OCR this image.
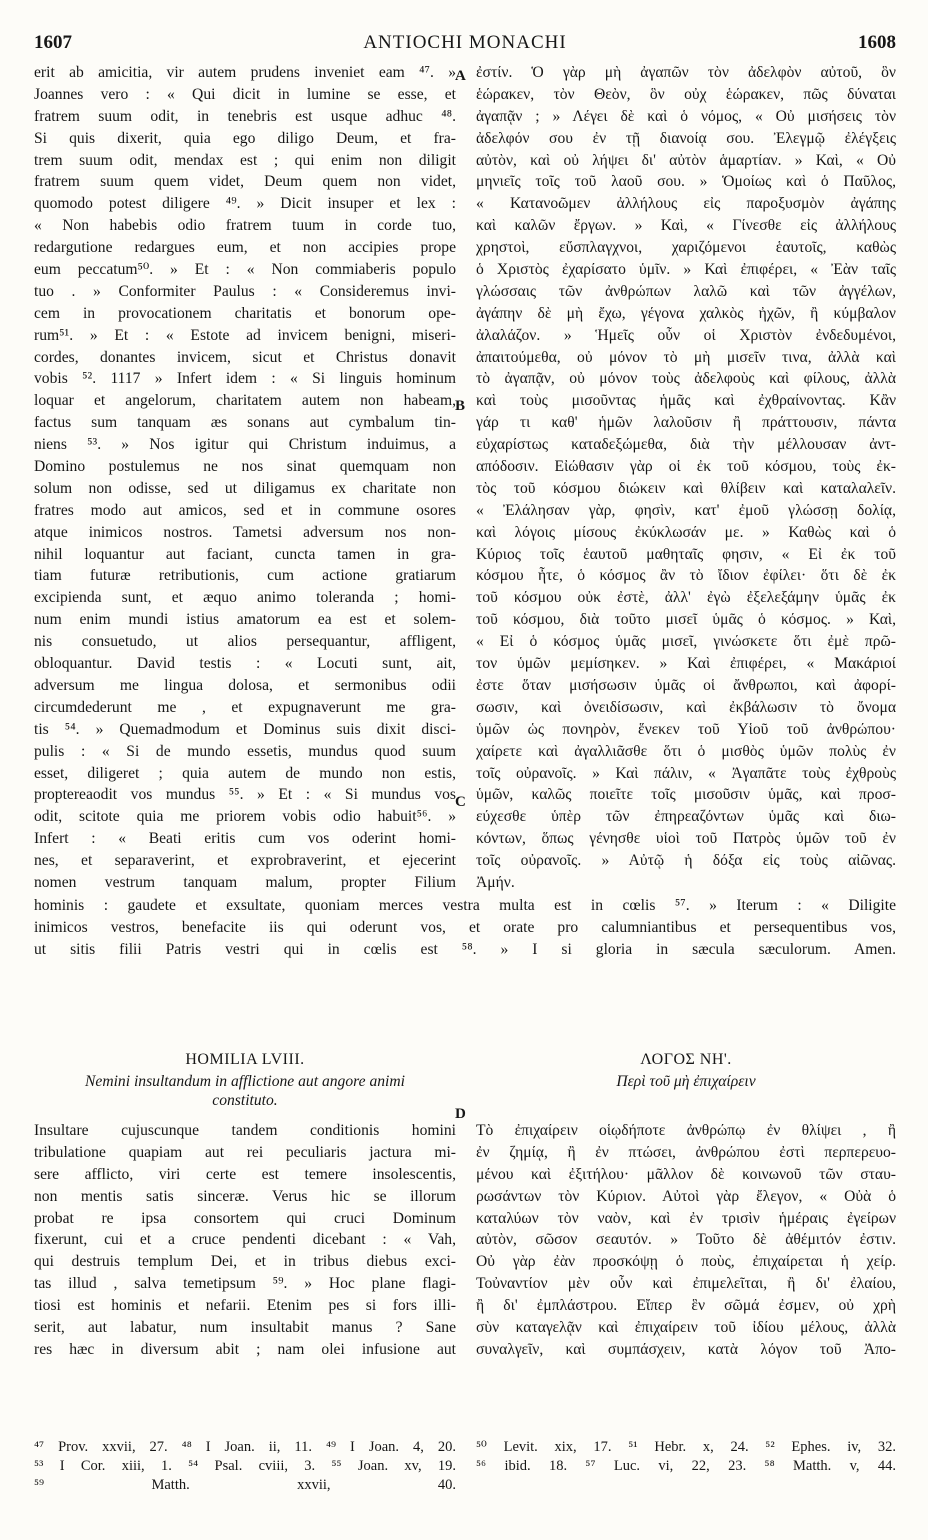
1607	ANTIOCHI MONACHI	1608
erit ab amicitia, vir autem prudens inveniet eam ⁴⁷. »
Joannes vero : « Qui dicit in lumine se esse, et
fratrem suum odit, in tenebris est usque adhuc ⁴⁸.
Si quis dixerit, quia ego diligo Deum, et fra-
trem suum odit, mendax est ; qui enim non diligit
fratrem suum quem videt, Deum quem non videt,
quomodo potest diligere ⁴⁹. » Dicit insuper et lex :
« Non habebis odio fratrem tuum in corde tuo,
redargutione redargues eum, et non accipies prope
eum peccatum⁵⁰. » Et : « Non commiaberis populo
tuo . » Conformiter Paulus : « Consideremus invi-
cem in provocationem charitatis et bonorum ope-
rum⁵¹. » Et : « Estote ad invicem benigni, miseri-
cordes, donantes invicem, sicut et Christus donavit
vobis ⁵². 1117 » Infert idem : « Si linguis hominum
loquar et angelorum, charitatem autem non habeam,
factus sum tanquam æs sonans aut cymbalum tin-
niens ⁵³. » Nos igitur qui Christum induimus, a
Domino postulemus ne nos sinat quemquam non
solum non odisse, sed ut diligamus ex charitate non
fratres modo aut amicos, sed et in commune osores
atque inimicos nostros. Tametsi adversum nos non-
nihil loquantur aut faciant, cuncta tamen in gra-
tiam futuræ retributionis, cum actione gratiarum
excipienda sunt, et æquo animo toleranda ; homi-
num enim mundi istius amatorum ea est et solem-
nis consuetudo, ut alios persequantur, affligent,
obloquantur. David testis : « Locuti sunt, ait,
adversum me lingua dolosa, et sermonibus odii
circumdederunt me , et expugnaverunt me gra-
tis ⁵⁴. » Quemadmodum et Dominus suis dixit disci-
pulis : « Si de mundo essetis, mundus quod suum
esset, diligeret ; quia autem de mundo non estis,
proptereaodit vos mundus ⁵⁵. » Et : « Si mundus vos
odit, scitote quia me priorem vobis odio habuit⁵⁶. »
Infert : « Beati eritis cum vos oderint homi-
nes, et separaverint, et exprobraverint, et ejecerint
nomen vestrum tanquam malum, propter Filium
ἐστίν. Ὁ γὰρ μὴ ἀγαπῶν τὸν ἀδελφὸν αὐτοῦ, ὃν
ἑώρακεν, τὸν Θεὸν, ὃν οὐχ ἑώρακεν, πῶς δύναται
ἀγαπᾷν ; » Λέγει δὲ καὶ ὁ νόμος, « Οὐ μισήσεις τὸν
ἀδελφόν σου ἐν τῇ διανοίᾳ σου. Ἐλεγμῷ ἐλέγξεις
αὐτὸν, καὶ οὐ λήψει δι' αὐτὸν ἁμαρτίαν. » Καὶ, « Οὐ
μηνιεῖς τοῖς τοῦ λαοῦ σου. » Ὁμοίως καὶ ὁ Παῦλος,
« Κατανοῶμεν ἀλλήλους εἰς παροξυσμὸν ἀγάπης
καὶ καλῶν ἔργων. » Καὶ, « Γίνεσθε εἰς ἀλλήλους
χρηστοὶ, εὔσπλαγχνοι, χαριζόμενοι ἑαυτοῖς, καθὼς
ὁ Χριστὸς ἐχαρίσατο ὑμῖν. » Καὶ ἐπιφέρει, « Ἐὰν ταῖς
γλώσσαις τῶν ἀνθρώπων λαλῶ καὶ τῶν ἀγγέλων,
ἀγάπην δὲ μὴ ἔχω, γέγονα χαλκὸς ἠχῶν, ἢ κύμβαλον
ἀλαλάζον. » Ἡμεῖς οὖν οἱ Χριστὸν ἐνδεδυμένοι,
ἀπαιτούμεθα, οὐ μόνον τὸ μὴ μισεῖν τινα, ἀλλὰ καὶ
τὸ ἀγαπᾷν, οὐ μόνον τοὺς ἀδελφοὺς καὶ φίλους, ἀλλὰ
καὶ τοὺς μισοῦντας ἡμᾶς καὶ ἐχθραίνοντας. Κἂν
γάρ τι καθ' ἡμῶν λαλοῦσιν ἢ πράττουσιν, πάντα
εὐχαρίστως καταδεξώμεθα, διὰ τὴν μέλλουσαν ἀντ-
απόδοσιν. Εἰώθασιν γὰρ οἱ ἐκ τοῦ κόσμου, τοὺς ἐκ-
τὸς τοῦ κόσμου διώκειν καὶ θλίβειν καὶ καταλαλεῖν.
« Ἐλάλησαν γὰρ, φησὶν, κατ' ἐμοῦ γλώσσῃ δολίᾳ,
καὶ λόγοις μίσους ἐκύκλωσάν με. » Καθὼς καὶ ὁ
Κύριος τοῖς ἑαυτοῦ μαθηταῖς φησιν, « Εἰ ἐκ τοῦ
κόσμου ἦτε, ὁ κόσμος ἂν τὸ ἴδιον ἐφίλει· ὅτι δὲ ἐκ
τοῦ κόσμου οὐκ ἐστὲ, ἀλλ' ἐγὼ ἐξελεξάμην ὑμᾶς ἐκ
τοῦ κόσμου, διὰ τοῦτο μισεῖ ὑμᾶς ὁ κόσμος. » Καὶ,
« Εἰ ὁ κόσμος ὑμᾶς μισεῖ, γινώσκετε ὅτι ἐμὲ πρῶ-
τον ὑμῶν μεμίσηκεν. » Καὶ ἐπιφέρει, « Μακάριοί
ἐστε ὅταν μισήσωσιν ὑμᾶς οἱ ἄνθρωποι, καὶ ἀφορί-
σωσιν, καὶ ὀνειδίσωσιν, καὶ ἐκβάλωσιν τὸ ὄνομα
ὑμῶν ὡς πονηρὸν, ἕνεκεν τοῦ Υἱοῦ τοῦ ἀνθρώπου·
χαίρετε καὶ ἀγαλλιᾶσθε ὅτι ὁ μισθὸς ὑμῶν πολὺς ἐν
τοῖς οὐρανοῖς. » Καὶ πάλιν, « Ἀγαπᾶτε τοὺς ἐχθροὺς
ὑμῶν, καλῶς ποιεῖτε τοῖς μισοῦσιν ὑμᾶς, καὶ προσ-
εύχεσθε ὑπὲρ τῶν ἐπηρεαζόντων ὑμᾶς καὶ διω-
κόντων, ὅπως γένησθε υἱοὶ τοῦ Πατρὸς ὑμῶν τοῦ ἐν
τοῖς οὐρανοῖς. » Αὐτῷ ἡ δόξα εἰς τοὺς αἰῶνας.
Ἀμήν.
A
B
C
D
hominis : gaudete et exsultate, quoniam merces vestra multa est in cœlis ⁵⁷. » Iterum : « Diligite
inimicos vestros, benefacite iis qui oderunt vos, et orate pro calumniantibus et persequentibus vos,
ut sitis filii Patris vestri qui in cœlis est ⁵⁸. » Ι si gloria in sæcula sæculorum. Amen.
HOMILIA LVIII.
Nemini insultandum in afflictione aut angore animi
constituto.
Insultare cujuscunque tandem conditionis homini
tribulatione quapiam aut rei peculiaris jactura mi-
sere afflicto, viri certe est temere insolescentis,
non mentis satis sinceræ. Verus hic se illorum
probat re ipsa consortem qui cruci Dominum
fixerunt, cui et a cruce pendenti dicebant : « Vah,
qui destruis templum Dei, et in tribus diebus exci-
tas illud , salva temetipsum ⁵⁹. » Hoc plane flagi-
tiosi est hominis et nefarii. Etenim pes si fors illi-
serit, aut labatur, num insultabit manus ? Sane
res hæc in diversum abit ; nam olei infusione aut
ΛΟΓΟΣ ΝΗ'.
Περὶ τοῦ μὴ ἐπιχαίρειν
Τὸ ἐπιχαίρειν οἱῳδήποτε ἀνθρώπῳ ἐν θλίψει , ἢ
ἐν ζημίᾳ, ἢ ἐν πτώσει, ἀνθρώπου ἐστὶ περπερευο-
μένου καὶ ἐξιτήλου· μᾶλλον δὲ κοινωνοῦ τῶν σταυ-
ρωσάντων τὸν Κύριον. Αὐτοὶ γὰρ ἔλεγον, « Οὐὰ ὁ
καταλύων τὸν ναὸν, καὶ ἐν τρισὶν ἡμέραις ἐγείρων
αὐτὸν, σῶσον σεαυτόν. » Τοῦτο δὲ ἀθέμιτόν ἐστιν.
Οὐ γὰρ ἐὰν προσκόψῃ ὁ ποὺς, ἐπιχαίρεται ἡ χείρ.
Τοὐναντίον μὲν οὖν καὶ ἐπιμελεῖται, ἢ δι' ἐλαίου,
ἢ δι' ἐμπλάστρου. Εἴπερ ἓν σῶμά ἐσμεν, οὐ χρὴ
σὺν καταγελᾷν καὶ ἐπιχαίρειν τοῦ ἰδίου μέλους, ἀλλὰ
συναλγεῖν, καὶ συμπάσχειν, κατὰ λόγον τοῦ Ἀπο-
⁴⁷ Prov. xxvii, 27. ⁴⁸ I Joan. ii, 11. ⁴⁹ I Joan. 4, 20.
⁵³ I Cor. xiii, 1. ⁵⁴ Psal. cviii, 3. ⁵⁵ Joan. xv, 19.
⁵⁹ Matth. xxvii, 40.
⁵⁰ Levit. xix, 17. ⁵¹ Hebr. x, 24. ⁵² Ephes. iv, 32.
⁵⁶ ibid. 18. ⁵⁷ Luc. vi, 22, 23. ⁵⁸ Matth. v, 44.
